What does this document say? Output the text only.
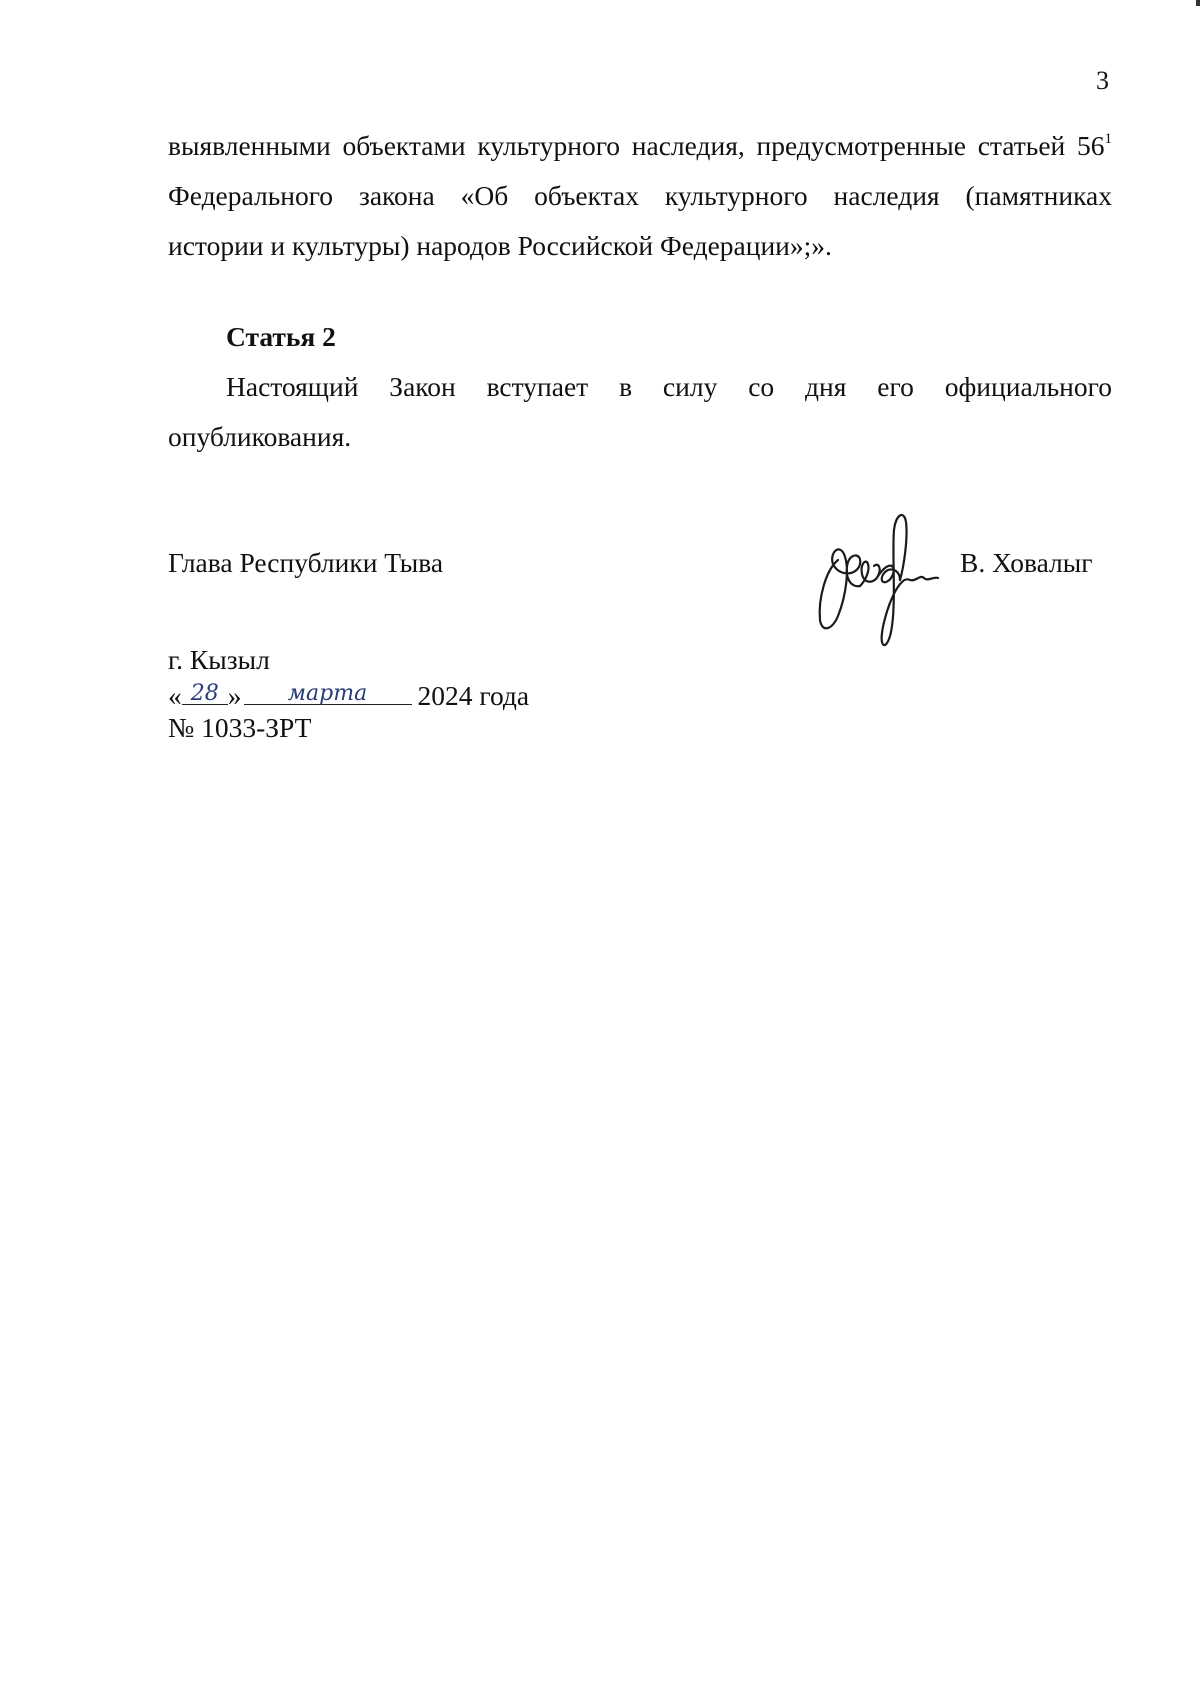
3
выявленными объектами культурного наследия, предусмотренные статьей $56^1$ Федерального закона «Об объектах культурного наследия (памятниках
истории и культуры) народов Российской Федерации»;».
Статья 2
Настоящий Закон вступает в силу со дня его официального
опубликования.
Глава Республики Тыва	В. Ховалыг
г. Кызыл
« 28 »	марта	2024 года
№ 1033-ЗРТ
